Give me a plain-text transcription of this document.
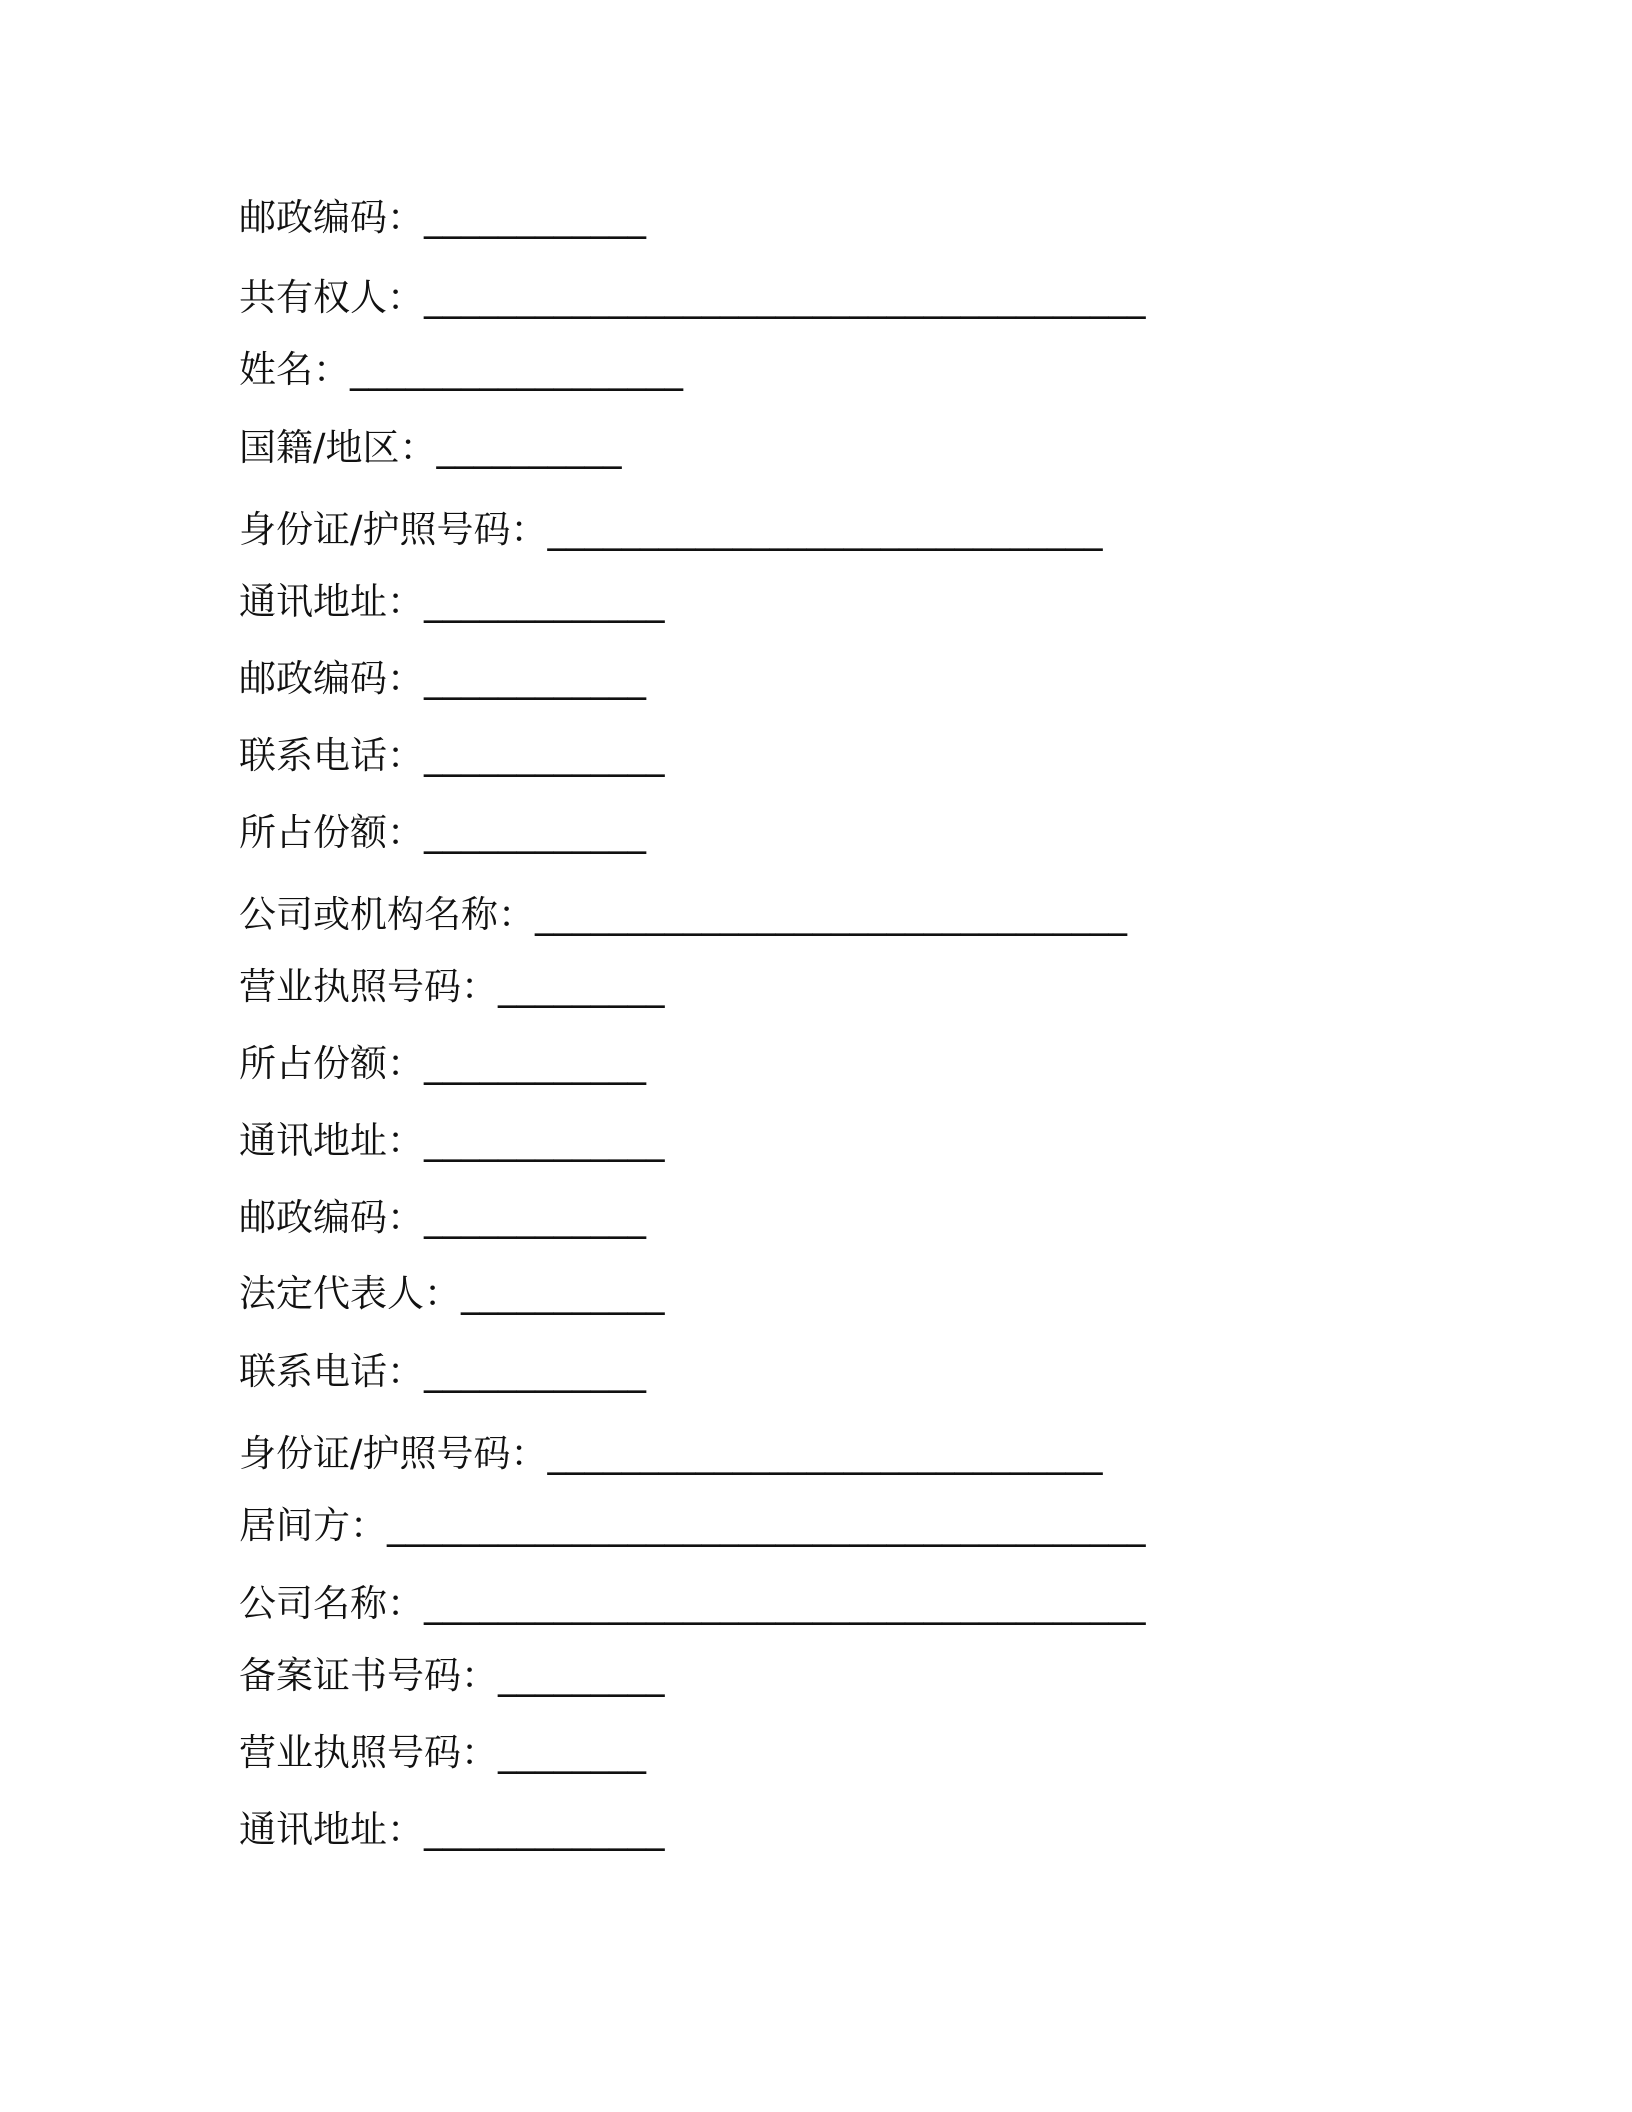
邮政编码：____________

共有权人：_______________________________________

姓名：__________________

国籍/地区：__________

身份证/护照号码：______________________________

通讯地址：_____________

邮政编码：____________

联系电话：_____________

所占份额：____________

公司或机构名称：________________________________

营业执照号码：_________

所占份额：____________

通讯地址：_____________

邮政编码：____________

法定代表人：___________

联系电话：____________

身份证/护照号码：______________________________

居间方：_________________________________________

公司名称：_______________________________________

备案证书号码：_________

营业执照号码：________

通讯地址：_____________
